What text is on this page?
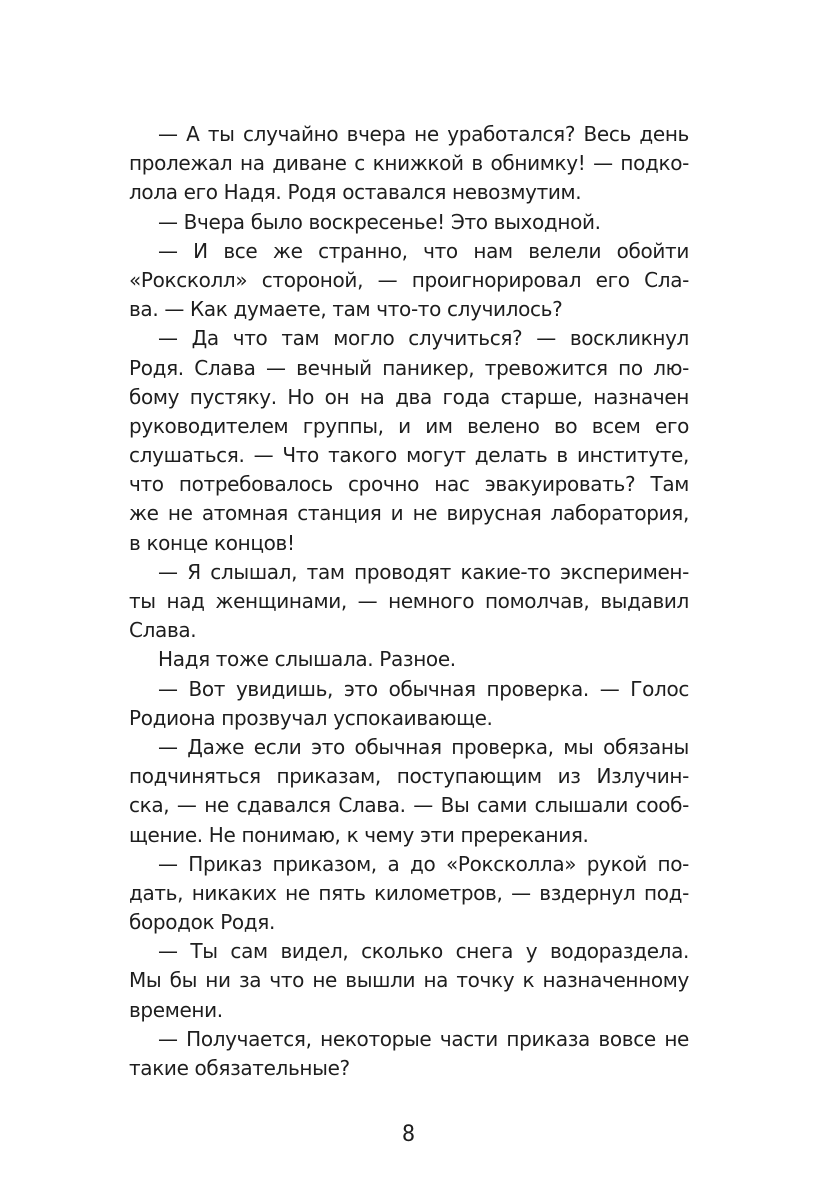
— А ты случайно вчера не уработался? Весь день
пролежал на диване с книжкой в обнимку! — подко-
лола его Надя. Родя оставался невозмутим.
— Вчера было воскресенье! Это выходной.
— И все же странно, что нам велели обойти
«Роксколл» стороной, — проигнорировал его Сла-
ва. — Как думаете, там что-то случилось?
— Да что там могло случиться? — воскликнул
Родя. Слава — вечный паникер, тревожится по лю-
бому пустяку. Но он на два года старше, назначен
руководителем группы, и им велено во всем его
слушаться. — Что такого могут делать в институте,
что потребовалось срочно нас эвакуировать? Там
же не атомная станция и не вирусная лаборатория,
в конце концов!
— Я слышал, там проводят какие-то эксперимен-
ты над женщинами, — немного помолчав, выдавил
Слава.
Надя тоже слышала. Разное.
— Вот увидишь, это обычная проверка. — Голос
Родиона прозвучал успокаивающе.
— Даже если это обычная проверка, мы обязаны
подчиняться приказам, поступающим из Излучин-
ска, — не сдавался Слава. — Вы сами слышали сооб-
щение. Не понимаю, к чему эти пререкания.
— Приказ приказом, а до «Роксколла» рукой по-
дать, никаких не пять километров, — вздернул под-
бородок Родя.
— Ты сам видел, сколько снега у водораздела.
Мы бы ни за что не вышли на точку к назначенному
времени.
— Получается, некоторые части приказа вовсе не
такие обязательные?
8
